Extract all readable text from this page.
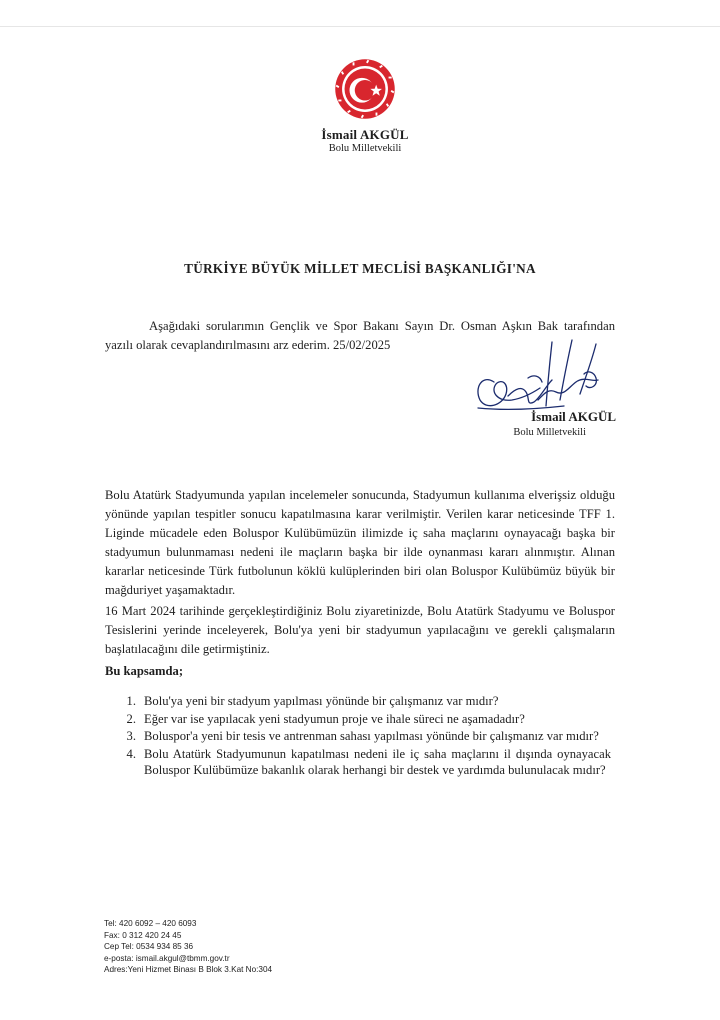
İsmail AKGÜL
Bolu Milletvekili
TÜRKİYE BÜYÜK MİLLET MECLİSİ BAŞKANLIĞI'NA
Aşağıdaki sorularımın Gençlik ve Spor Bakanı Sayın Dr. Osman Aşkın Bak tarafından yazılı olarak cevaplandırılmasını arz ederim. 25/02/2025
İsmail AKGÜL
Bolu Milletvekili
Bolu Atatürk Stadyumunda yapılan incelemeler sonucunda, Stadyumun kullanıma elverişsiz olduğu yönünde yapılan tespitler sonucu kapatılmasına karar verilmiştir. Verilen karar neticesinde TFF 1. Liginde mücadele eden Boluspor Kulübümüzün ilimizde iç saha maçlarını oynayacağı başka bir stadyumun bulunmaması nedeni ile maçların başka bir ilde oynanması kararı alınmıştır. Alınan kararlar neticesinde Türk futbolunun köklü kulüplerinden biri olan Boluspor Kulübümüz büyük bir mağduriyet yaşamaktadır.
16 Mart 2024 tarihinde gerçekleştirdiğiniz Bolu ziyaretinizde, Bolu Atatürk Stadyumu ve Boluspor Tesislerini yerinde inceleyerek, Bolu'ya yeni bir stadyumun yapılacağını ve gerekli çalışmaların başlatılacağını dile getirmiştiniz.
Bu kapsamda;
1. Bolu'ya yeni bir stadyum yapılması yönünde bir çalışmanız var mıdır?
2. Eğer var ise yapılacak yeni stadyumun proje ve ihale süreci ne aşamadadır?
3. Boluspor'a yeni bir tesis ve antrenman sahası yapılması yönünde bir çalışmanız var mıdır?
4. Bolu Atatürk Stadyumunun kapatılması nedeni ile iç saha maçlarını il dışında oynayacak Boluspor Kulübümüze bakanlık olarak herhangi bir destek ve yardımda bulunulacak mıdır?
Tel: 420 6092 – 420 6093
Fax: 0 312 420 24 45
Cep Tel: 0534 934 85 36
e-posta: ismail.akgul@tbmm.gov.tr
Adres:Yeni Hizmet Binası B Blok 3.Kat No:304
